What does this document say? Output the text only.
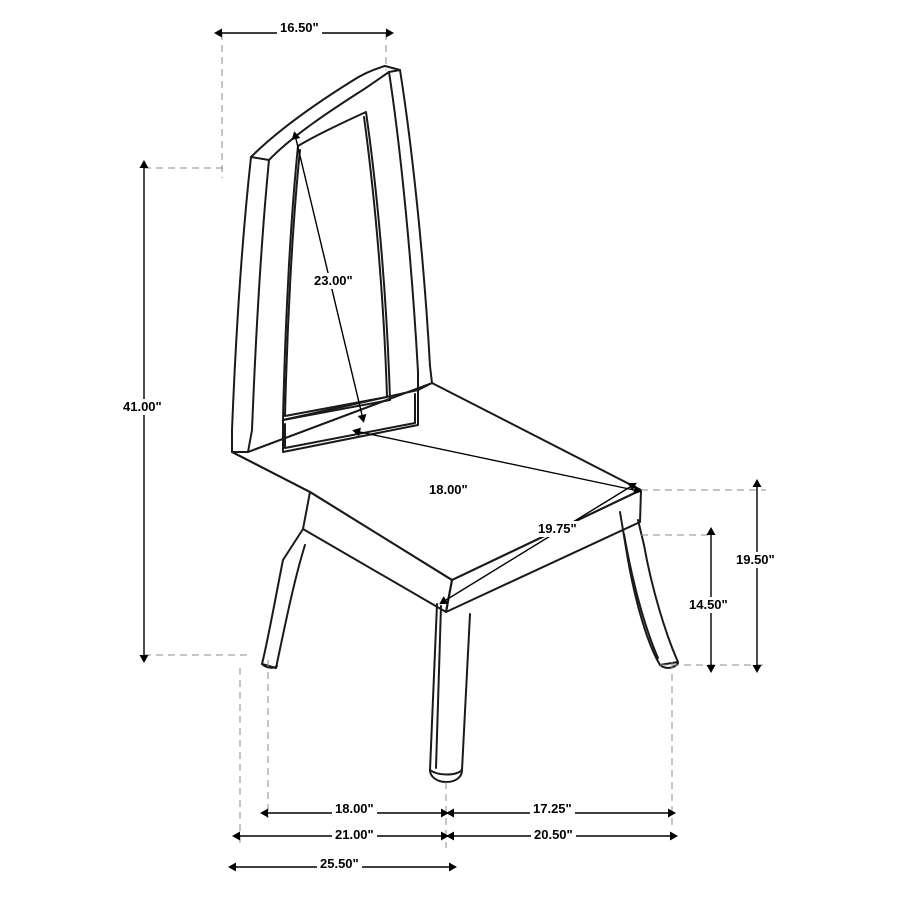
16.50"
23.00"
41.00"
18.00"
19.75"
19.50"
14.50"
18.00"	17.25"
21.00"	20.50"
25.50"
